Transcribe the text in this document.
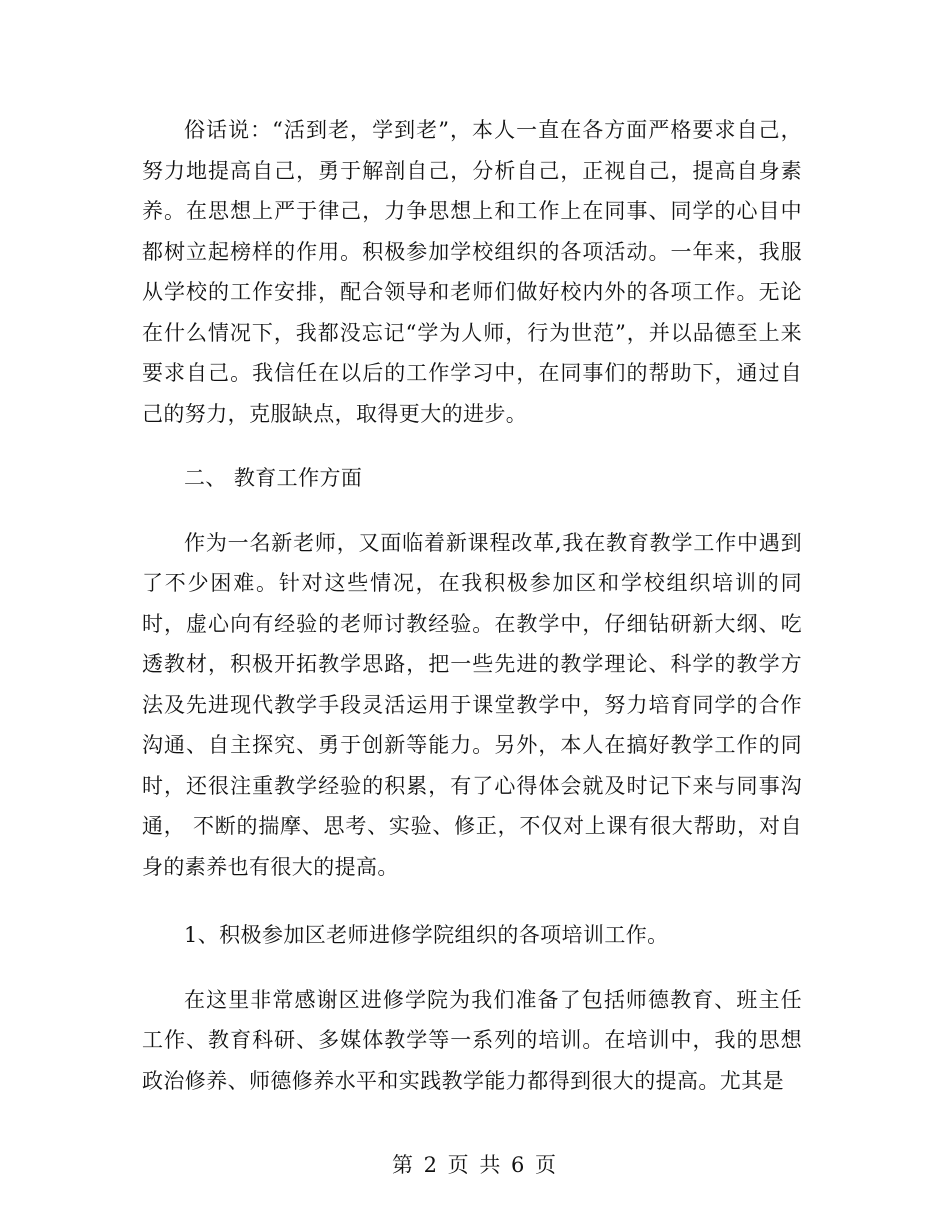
俗话说：“活到老，学到老”，本人一直在各方面严格要求自己，努力地提高自己，勇于解剖自己，分析自己，正视自己，提高自身素养。在思想上严于律己，力争思想上和工作上在同事、同学的心目中都树立起榜样的作用。积极参加学校组织的各项活动。一年来，我服从学校的工作安排，配合领导和老师们做好校内外的各项工作。无论在什么情况下，我都没忘记“学为人师，行为世范”，并以品德至上来要求自己。我信任在以后的工作学习中，在同事们的帮助下，通过自己的努力，克服缺点，取得更大的进步。

二、 教育工作方面

作为一名新老师，又面临着新课程改革,我在教育教学工作中遇到了不少困难。针对这些情况，在我积极参加区和学校组织培训的同时，虚心向有经验的老师讨教经验。在教学中，仔细钻研新大纲、吃透教材，积极开拓教学思路，把一些先进的教学理论、科学的教学方法及先进现代教学手段灵活运用于课堂教学中，努力培育同学的合作沟通、自主探究、勇于创新等能力。另外，本人在搞好教学工作的同时，还很注重教学经验的积累，有了心得体会就及时记下来与同事沟通， 不断的揣摩、思考、实验、修正，不仅对上课有很大帮助，对自身的素养也有很大的提高。

1、积极参加区老师进修学院组织的各项培训工作。

在这里非常感谢区进修学院为我们准备了包括师德教育、班主任工作、教育科研、多媒体教学等一系列的培训。在培训中，我的思想政治修养、师德修养水平和实践教学能力都得到很大的提高。尤其是

第 2 页 共 6 页
